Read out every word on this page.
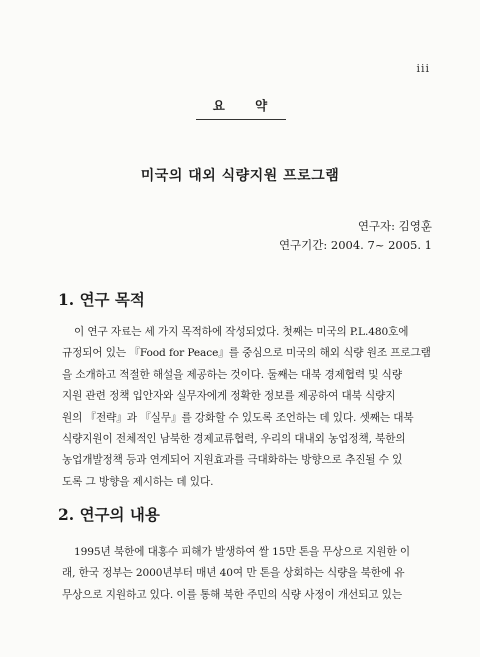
iii
요 약
미국의 대외 식량지원 프로그램
연구자: 김영훈
연구기간: 2004. 7~ 2005. 1
1. 연구 목적
이 연구 자료는 세 가지 목적하에 작성되었다. 첫째는 미국의 P.L.480호에
규정되어 있는 『Food for Peace』를 중심으로 미국의 해외 식량 원조 프로그램
을 소개하고 적절한 해설을 제공하는 것이다. 둘째는 대북 경제협력 및 식량
지원 관련 정책 입안자와 실무자에게 정확한 정보를 제공하여 대북 식량지
원의 『전략』과 『실무』를 강화할 수 있도록 조언하는 데 있다. 셋째는 대북
식량지원이 전체적인 남북한 경제교류협력, 우리의 대내외 농업정책, 북한의
농업개발정책 등과 연계되어 지원효과를 극대화하는 방향으로 추진될 수 있
도록 그 방향을 제시하는 데 있다.
2. 연구의 내용
1995년 북한에 대홍수 피해가 발생하여 쌀 15만 톤을 무상으로 지원한 이
래, 한국 정부는 2000년부터 매년 40여 만 톤을 상회하는 식량을 북한에 유
무상으로 지원하고 있다. 이를 통해 북한 주민의 식량 사정이 개선되고 있는
